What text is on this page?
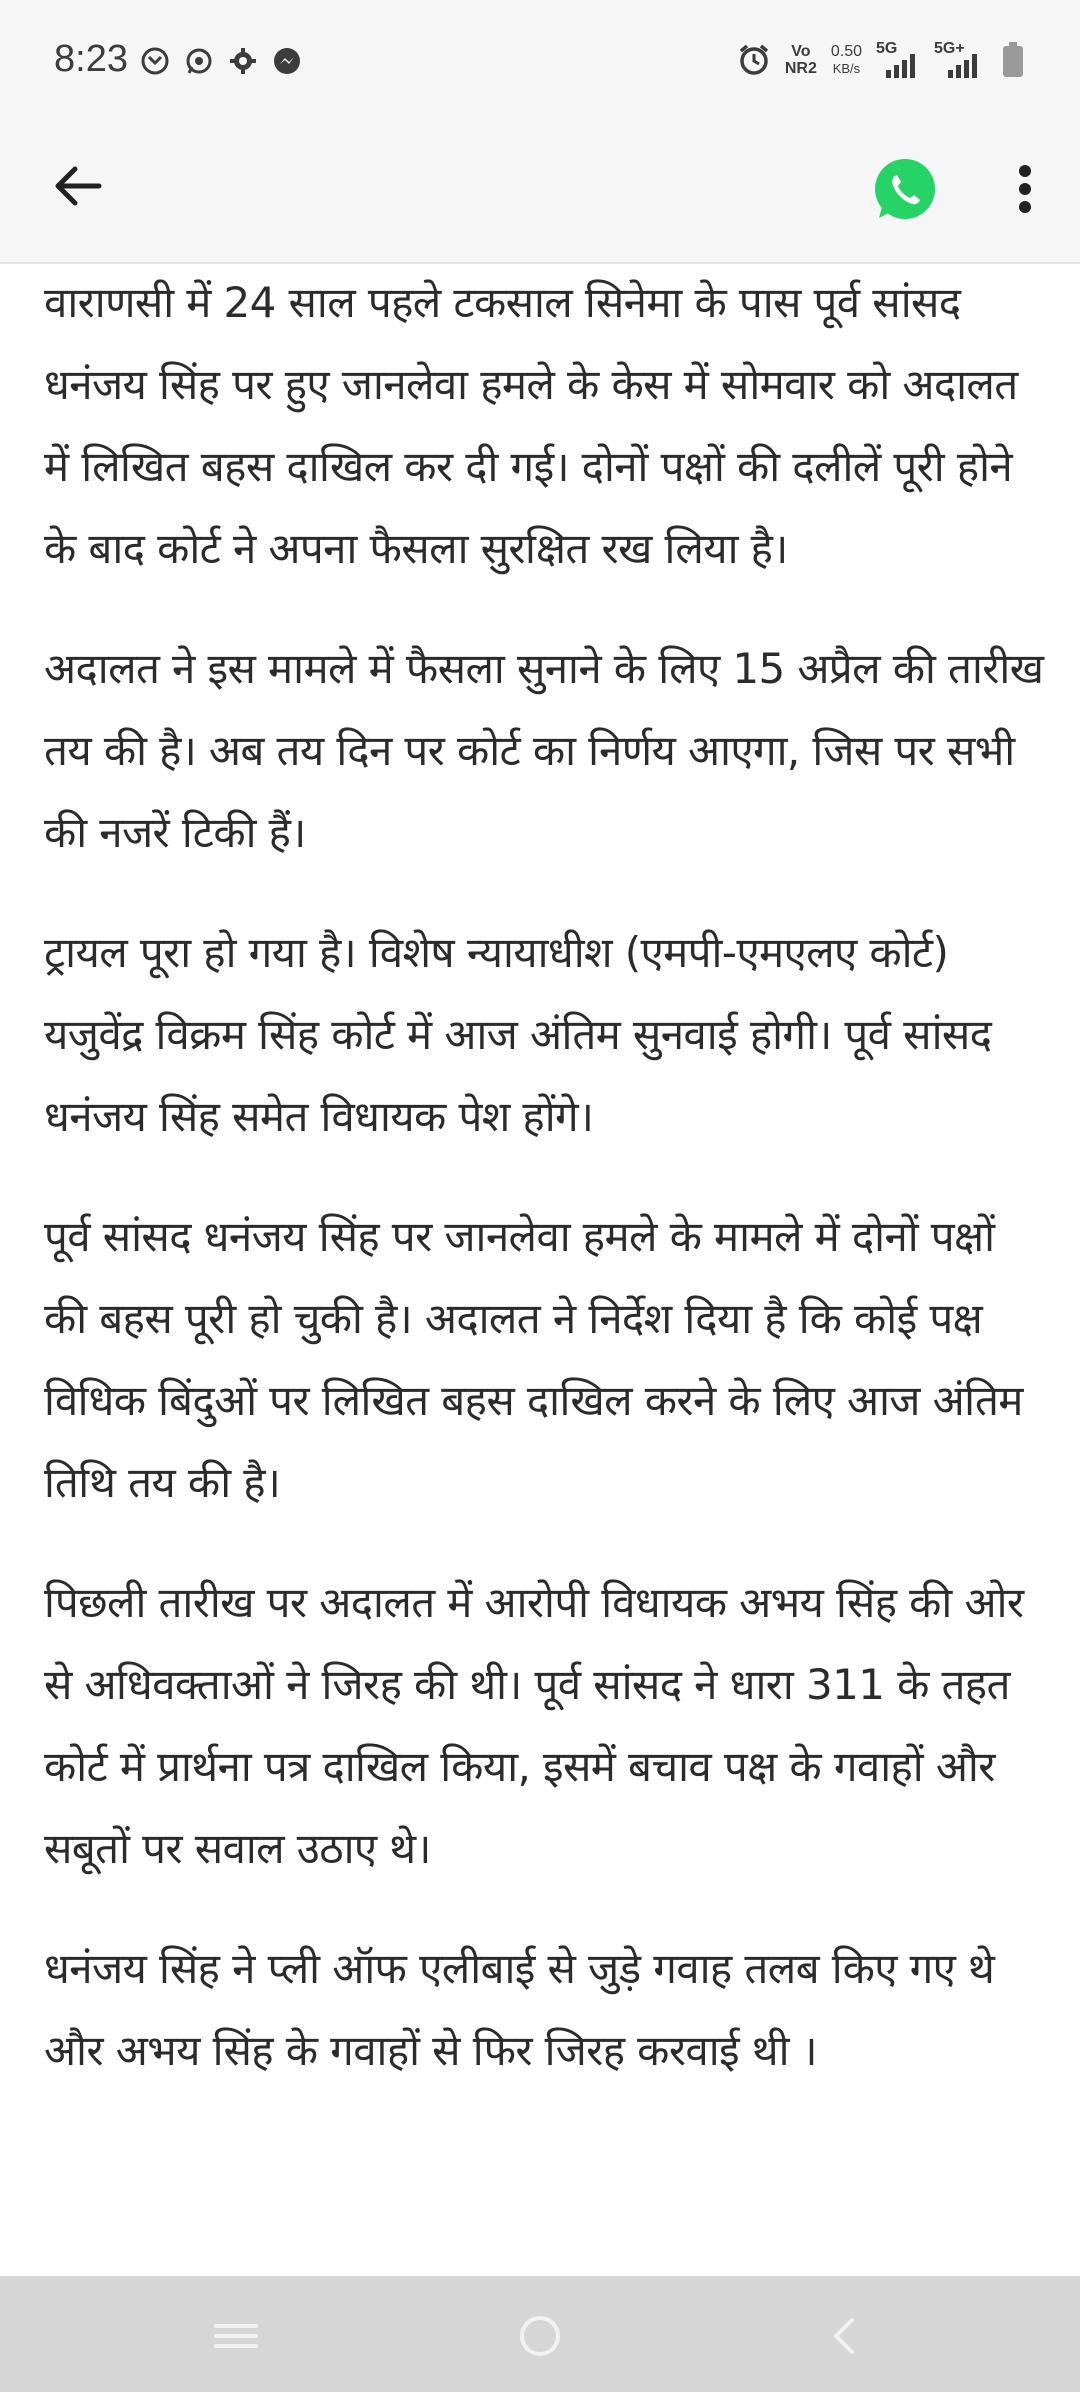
8:23	Vo
NR2
0.50
KB/s
5G 5G+

वाराणसी में 24 साल पहले टकसाल सिनेमा के पास पूर्व सांसद धनंजय सिंह पर हुए जानलेवा हमले के केस में सोमवार को अदालत में लिखित बहस दाखिल कर दी गई। दोनों पक्षों की दलीलें पूरी होने के बाद कोर्ट ने अपना फैसला सुरक्षित रख लिया है।

अदालत ने इस मामले में फैसला सुनाने के लिए 15 अप्रैल की तारीख तय की है। अब तय दिन पर कोर्ट का निर्णय आएगा, जिस पर सभी की नजरें टिकी हैं।

ट्रायल पूरा हो गया है। विशेष न्यायाधीश (एमपी-एमएलए कोर्ट) यजुवेंद्र विक्रम सिंह कोर्ट में आज अंतिम सुनवाई होगी। पूर्व सांसद धनंजय सिंह समेत विधायक पेश होंगे।

पूर्व सांसद धनंजय सिंह पर जानलेवा हमले के मामले में दोनों पक्षों की बहस पूरी हो चुकी है। अदालत ने निर्देश दिया है कि कोई पक्ष विधिक बिंदुओं पर लिखित बहस दाखिल करने के लिए आज अंतिम तिथि तय की है।

पिछली तारीख पर अदालत में आरोपी विधायक अभय सिंह की ओर से अधिवक्ताओं ने जिरह की थी। पूर्व सांसद ने धारा 311 के तहत कोर्ट में प्रार्थना पत्र दाखिल किया, इसमें बचाव पक्ष के गवाहों और सबूतों पर सवाल उठाए थे।

धनंजय सिंह ने प्ली ऑफ एलीबाई से जुड़े गवाह तलब किए गए थे और अभय सिंह के गवाहों से फिर जिरह करवाई थी ।
